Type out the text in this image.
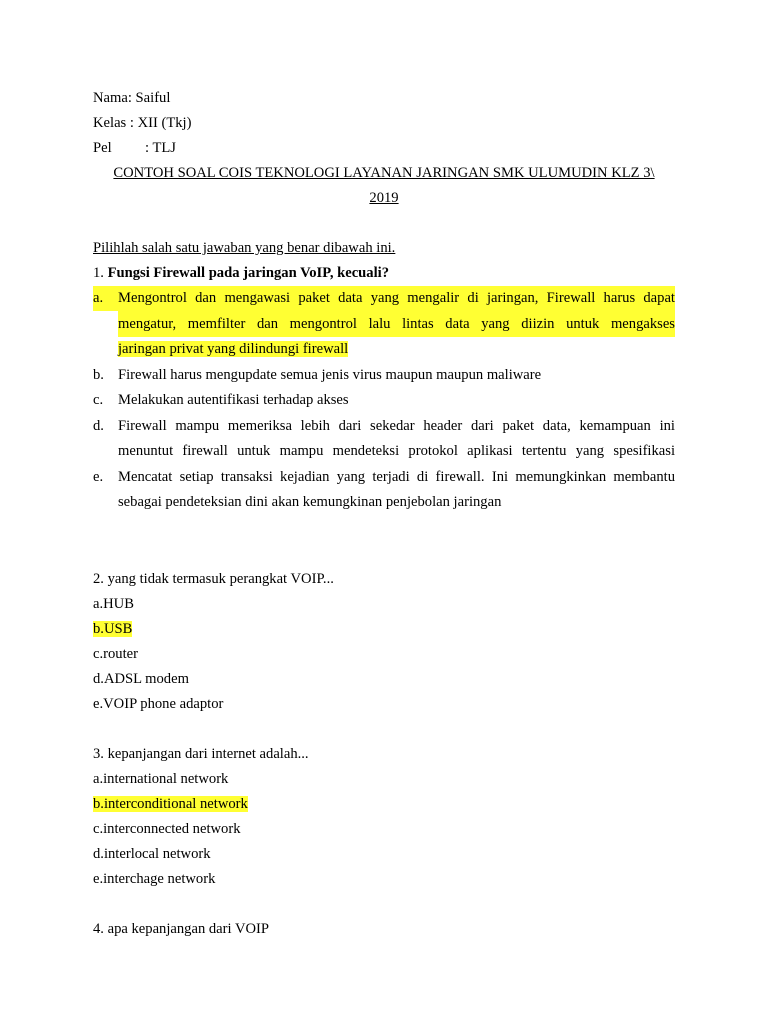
Nama: Saiful
Kelas : XII (Tkj)
Pel : TLJ
CONTOH SOAL COIS TEKNOLOGI LAYANAN JARINGAN SMK ULUMUDIN KLZ 3\
2019
Pilihlah salah satu jawaban yang benar dibawah ini.
1. Fungsi Firewall pada jaringan VoIP, kecuali?
a.	Mengontrol dan mengawasi paket data yang mengalir di jaringan, Firewall harus dapat
mengatur, memfilter dan mengontrol lalu lintas data yang diizin untuk mengakses
jaringan privat yang dilindungi firewall
b. Firewall harus mengupdate semua jenis virus maupun maupun maliware
c.	Melakukan autentifikasi terhadap akses
d. Firewall mampu memeriksa lebih dari sekedar header dari paket data, kemampuan ini
menuntut firewall untuk mampu mendeteksi protokol aplikasi tertentu yang spesifikasi
e.	Mencatat setiap transaksi kejadian yang terjadi di firewall. Ini memungkinkan membantu
sebagai pendeteksian dini akan kemungkinan penjebolan jaringan
2. yang tidak termasuk perangkat VOIP...
a.HUB
b.USB
c.router
d.ADSL modem
e.VOIP phone adaptor
3. kepanjangan dari internet adalah...
a.international network
b.interconditional network
c.interconnected network
d.interlocal network
e.interchage network
4. apa kepanjangan dari VOIP
